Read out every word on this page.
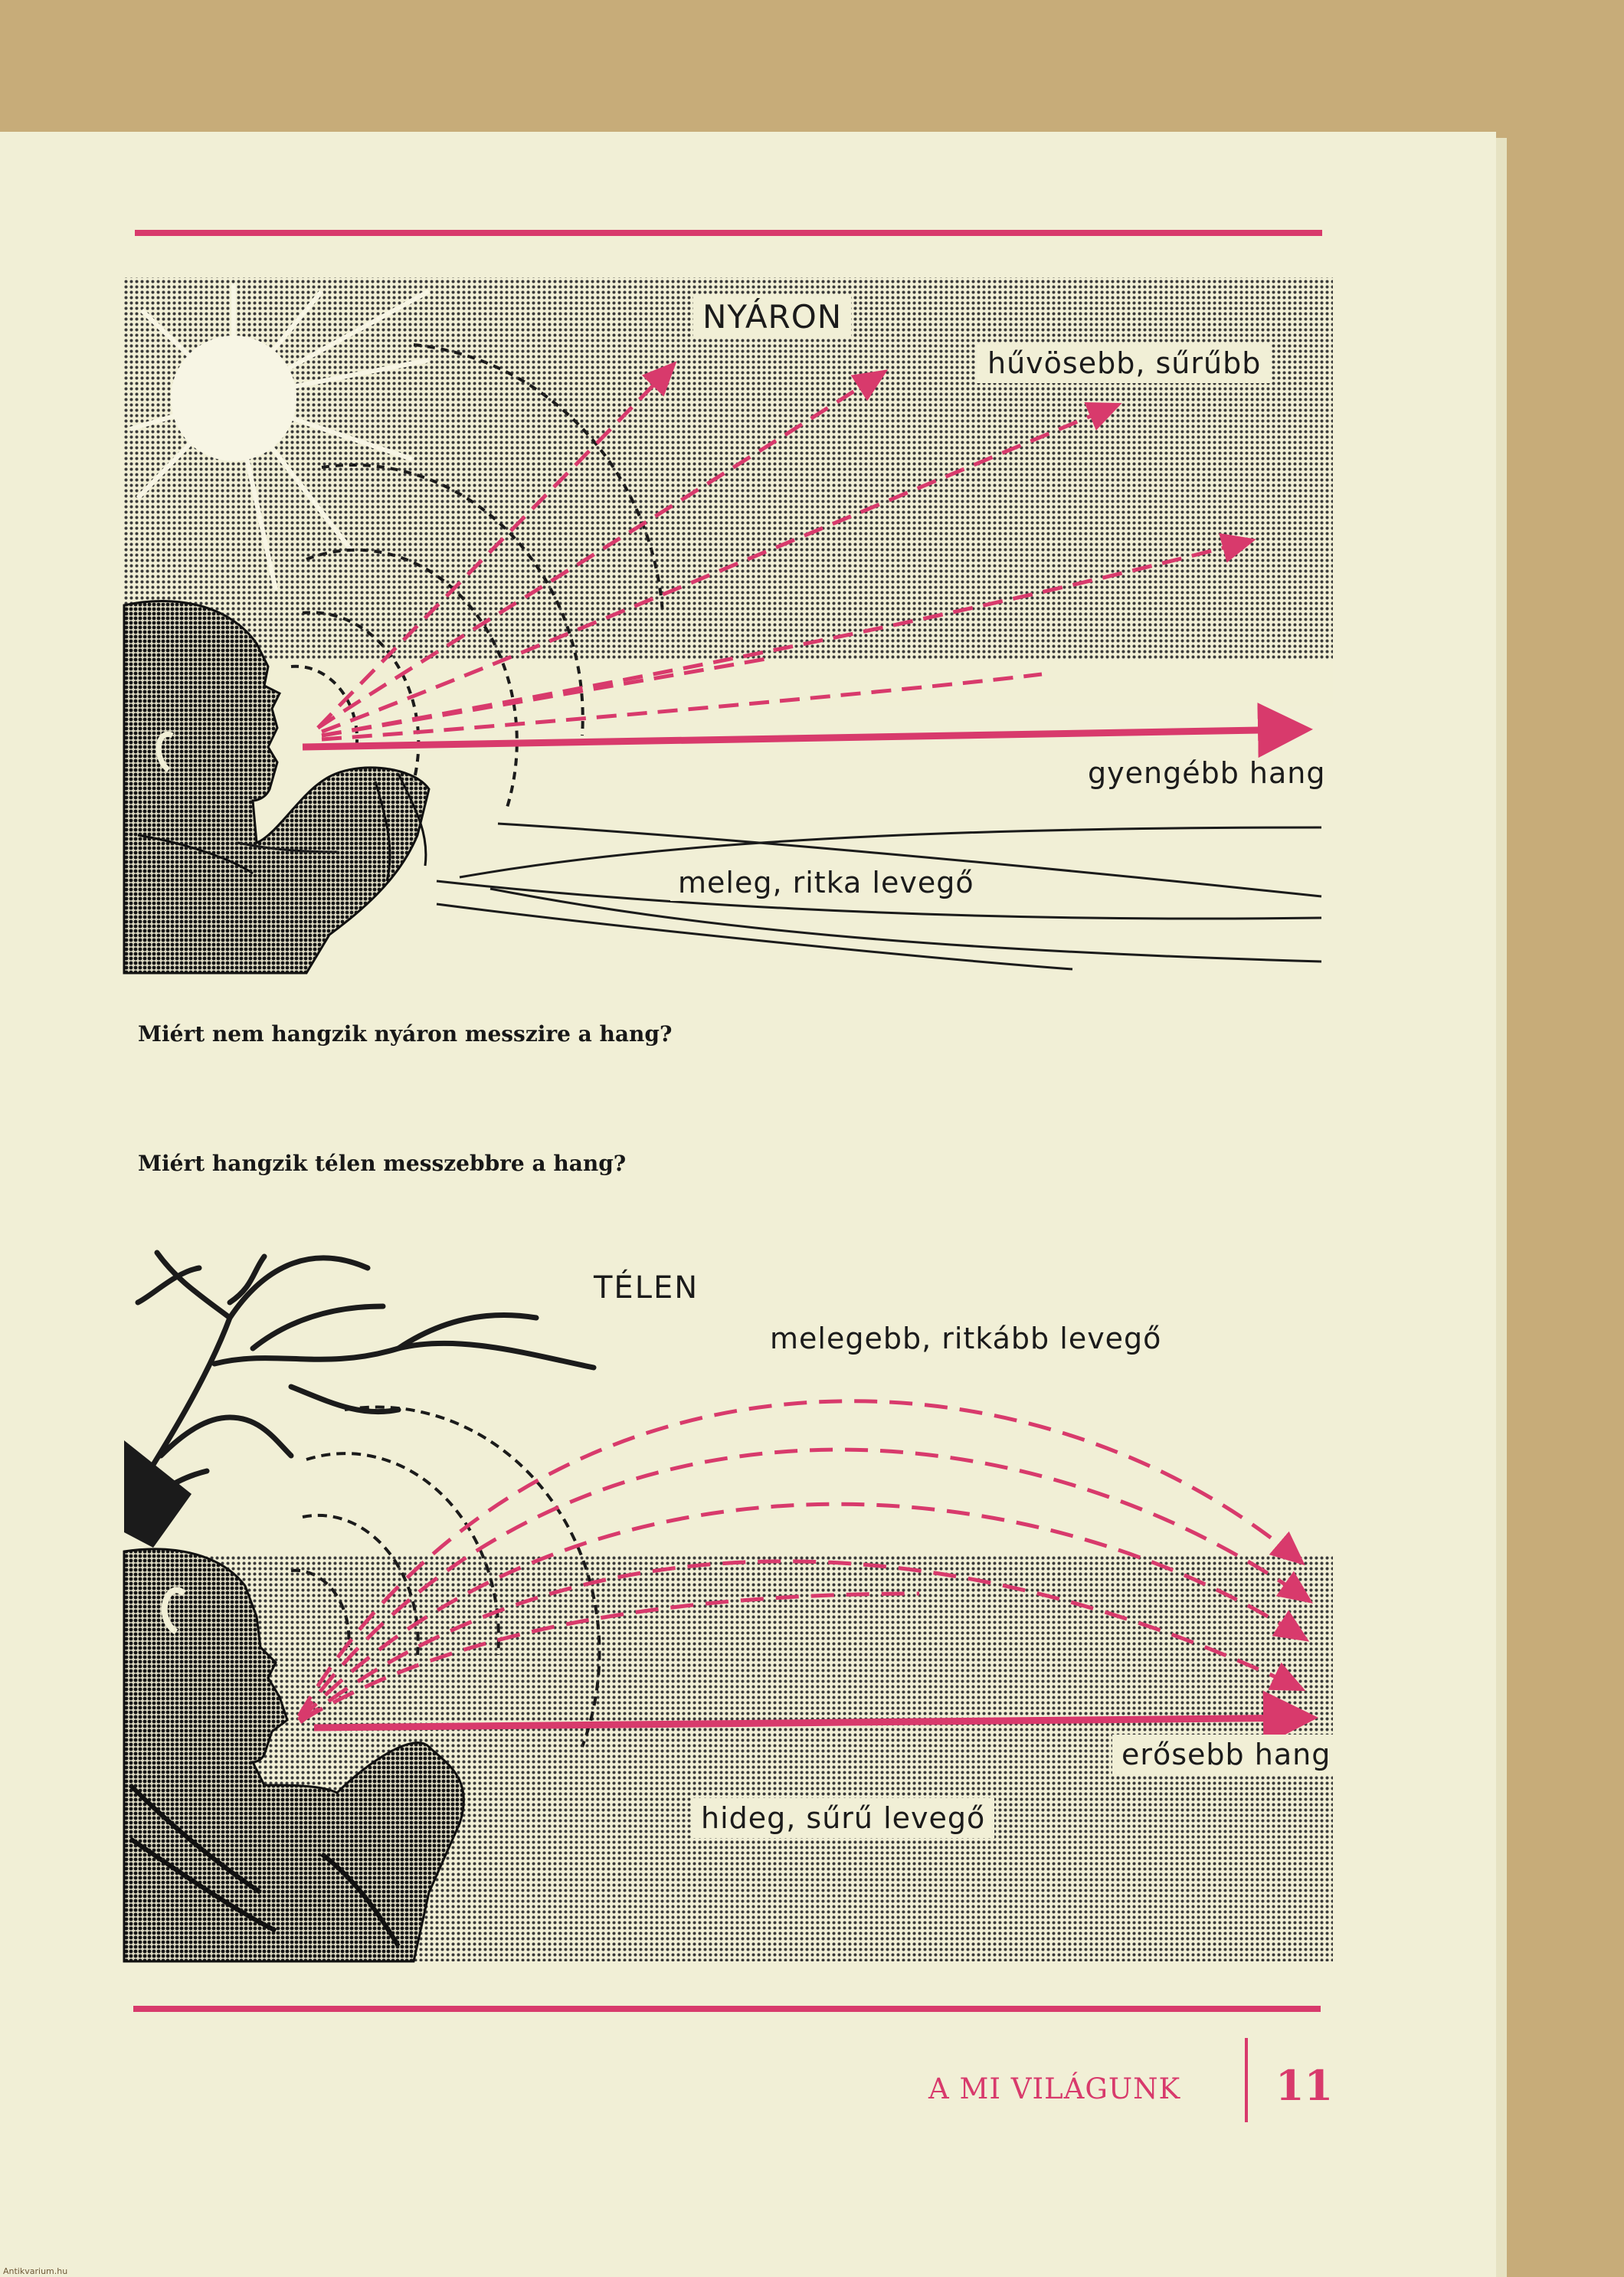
NYÁRON
hűvösebb, sűrűbb
gyengébb hang
meleg, ritka levegő
Miért nem hangzik nyáron messzire a hang?
Miért hangzik télen messzebbre a hang?
TÉLEN
melegebb, ritkább levegő
erősebb hang
hideg, sűrű levegő
A MI VILÁGUNK 11
Antikvarium.hu
